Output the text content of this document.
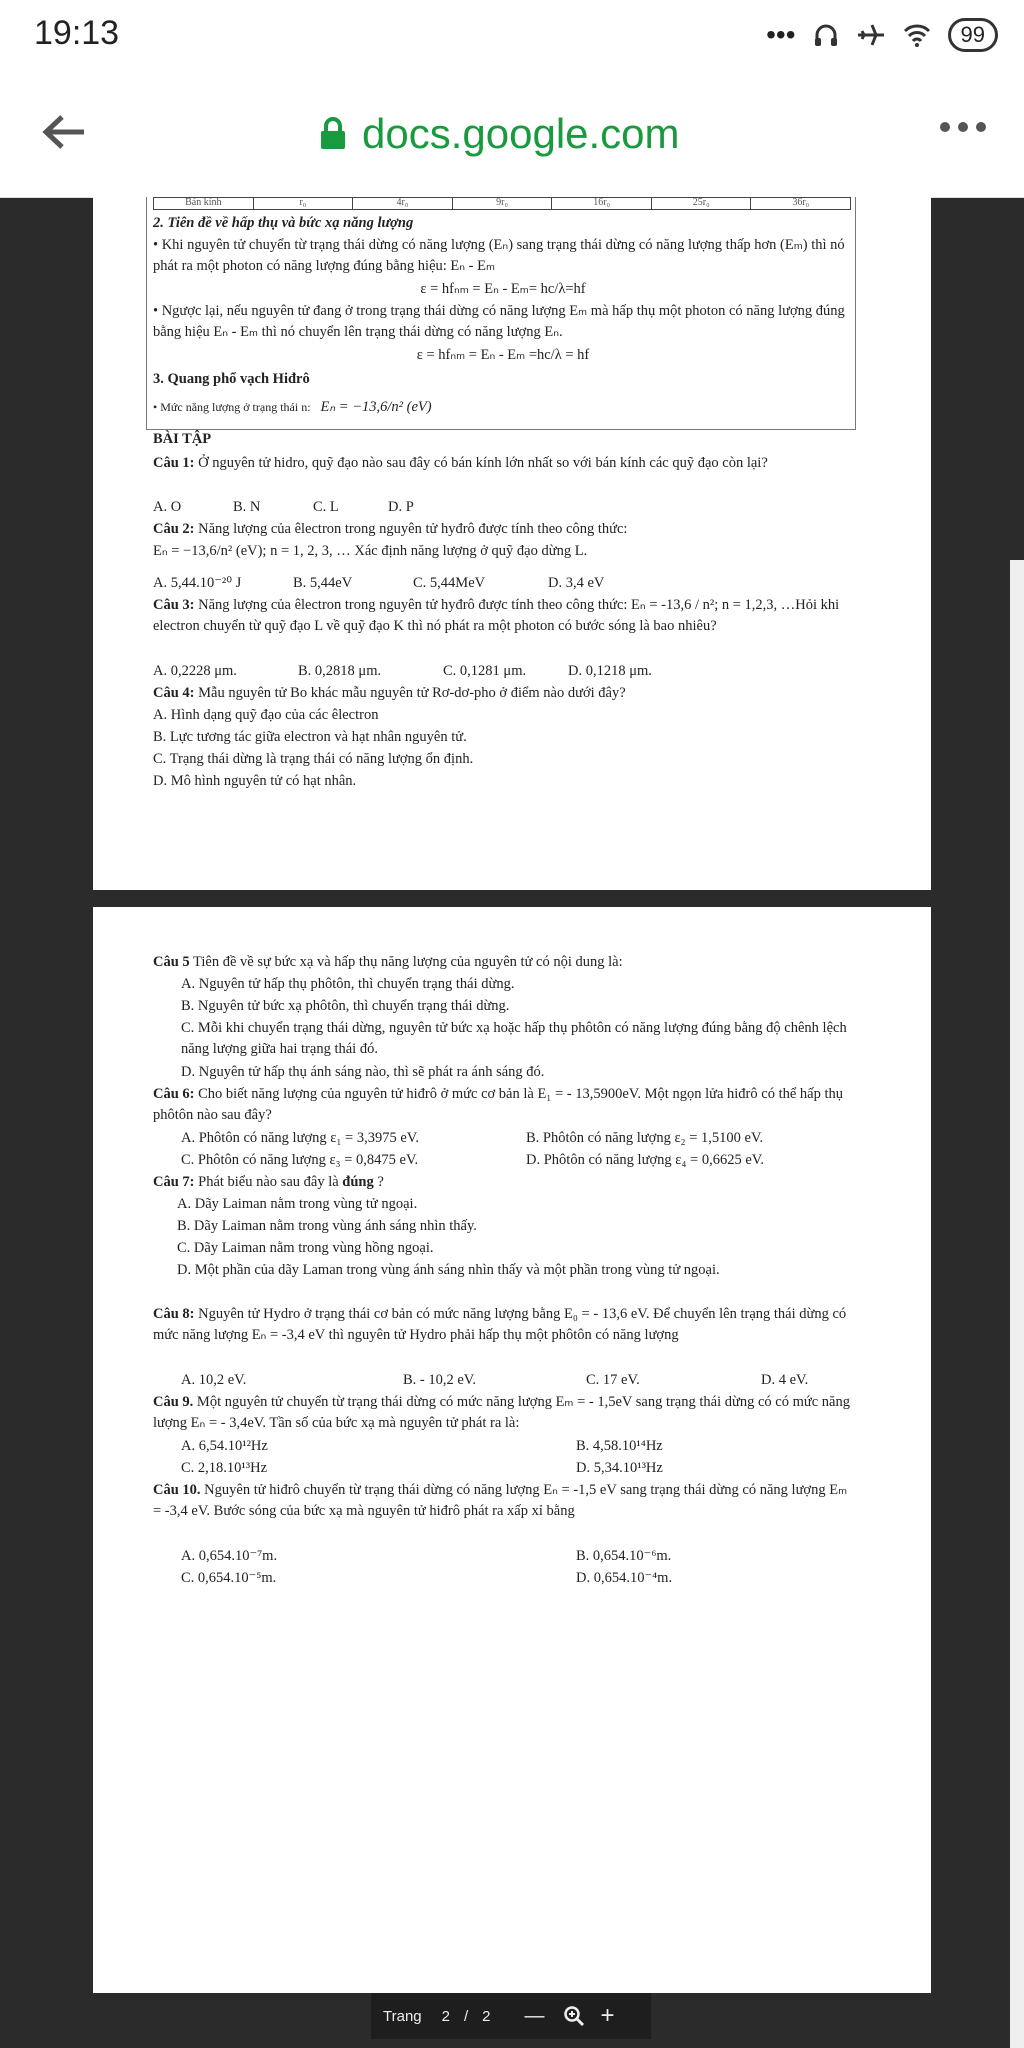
19:13	•••	99
docs.google.com
Bán kính	r₀	4r₀	9r₀	16r₀	25r₀	36r₀
2. Tiên đề về hấp thụ và bức xạ năng lượng
• Khi nguyên tử chuyển từ trạng thái dừng có năng lượng (Eₙ) sang trạng thái dừng có năng lượng thấp hơn (Eₘ) thì nó phát ra một photon có năng lượng đúng bằng hiệu: Eₙ - Eₘ
ε = hfₙₘ = Eₙ - Eₘ= hc/λ=hf
• Ngược lại, nếu nguyên tử đang ở trong trạng thái dừng có năng lượng Eₘ mà hấp thụ một photon có năng lượng đúng bằng hiệu Eₙ - Eₘ thì nó chuyển lên trạng thái dừng có năng lượng Eₙ.
ε = hfₙₘ = Eₙ - Eₘ =hc/λ = hf
3. Quang phổ vạch Hiđrô
• Mức năng lượng ở trạng thái n: Eₙ = −13,6/n² (eV)
BÀI TẬP
Câu 1: Ở nguyên tử hidro, quỹ đạo nào sau đây có bán kính lớn nhất so với bán kính các quỹ đạo còn lại?
A. O	B. N	C. L	D. P
Câu 2: Năng lượng của êlectron trong nguyên tử hyđrô được tính theo công thức:
Eₙ = −13,6/n² (eV); n = 1, 2, 3, … Xác định năng lượng ở quỹ đạo dừng L.
A. 5,44.10⁻²⁰ J	B. 5,44eV	C. 5,44MeV	D. 3,4 eV
Câu 3: Năng lượng của êlectron trong nguyên tử hyđrô được tính theo công thức: Eₙ = -13,6 / n²; n = 1,2,3, …Hỏi khi electron chuyển từ quỹ đạo L về quỹ đạo K thì nó phát ra một photon có bước sóng là bao nhiêu?
A. 0,2228 μm.	B. 0,2818 μm.	C. 0,1281 μm.	D. 0,1218 μm.
Câu 4: Mẫu nguyên tử Bo khác mẫu nguyên tử Rơ-dơ-pho ở điểm nào dưới đây?
A. Hình dạng quỹ đạo của các êlectron
B. Lực tương tác giữa electron và hạt nhân nguyên tử.
C. Trạng thái dừng là trạng thái có năng lượng ổn định.
D. Mô hình nguyên tử có hạt nhân.
Câu 5 Tiên đề về sự bức xạ và hấp thụ năng lượng của nguyên tử có nội dung là:
A. Nguyên tử hấp thụ phôtôn, thì chuyển trạng thái dừng.
B. Nguyên tử bức xạ phôtôn, thì chuyển trạng thái dừng.
C. Mỗi khi chuyển trạng thái dừng, nguyên tử bức xạ hoặc hấp thụ phôtôn có năng lượng đúng bằng độ chênh lệch năng lượng giữa hai trạng thái đó.
D. Nguyên tử hấp thụ ánh sáng nào, thì sẽ phát ra ánh sáng đó.
Câu 6: Cho biết năng lượng của nguyên tử hiđrô ở mức cơ bản là E₁ = - 13,5900eV. Một ngọn lửa hiđrô có thể hấp thụ phôtôn nào sau đây?
A. Phôtôn có năng lượng ε₁ = 3,3975 eV.	B. Phôtôn có năng lượng ε₂ = 1,5100 eV.
C. Phôtôn có năng lượng ε₃ = 0,8475 eV.	D. Phôtôn có năng lượng ε₄ = 0,6625 eV.
Câu 7: Phát biểu nào sau đây là đúng ?
A. Dãy Laiman nằm trong vùng tử ngoại.
B. Dãy Laiman nằm trong vùng ánh sáng nhìn thấy.
C. Dãy Laiman nằm trong vùng hồng ngoại.
D. Một phần của dãy Laman trong vùng ánh sáng nhìn thấy và một phần trong vùng tử ngoại.
Câu 8: Nguyên tử Hydro ở trạng thái cơ bản có mức năng lượng bằng E₀ = - 13,6 eV. Để chuyển lên trạng thái dừng có mức năng lượng Eₙ = -3,4 eV thì nguyên tử Hydro phải hấp thụ một phôtôn có năng lượng
A. 10,2 eV.	B. - 10,2 eV.	C. 17 eV.	D. 4 eV.
Câu 9. Một nguyên tử chuyển từ trạng thái dừng có mức năng lượng Eₘ = - 1,5eV sang trạng thái dừng có có mức năng lượng Eₙ = - 3,4eV. Tần số của bức xạ mà nguyên tử phát ra là:
A. 6,54.10¹²Hz	B. 4,58.10¹⁴Hz
C. 2,18.10¹³Hz	D. 5,34.10¹³Hz
Câu 10. Nguyên tử hiđrô chuyển từ trạng thái dừng có năng lượng Eₙ = -1,5 eV sang trạng thái dừng có năng lượng Eₘ = -3,4 eV. Bước sóng của bức xạ mà nguyên tử hiđrô phát ra xấp xỉ bằng
A. 0,654.10⁻⁷m.	B. 0,654.10⁻⁶m.
C. 0,654.10⁻⁵m.	D. 0,654.10⁻⁴m.
Trang 2 / 2 — +
